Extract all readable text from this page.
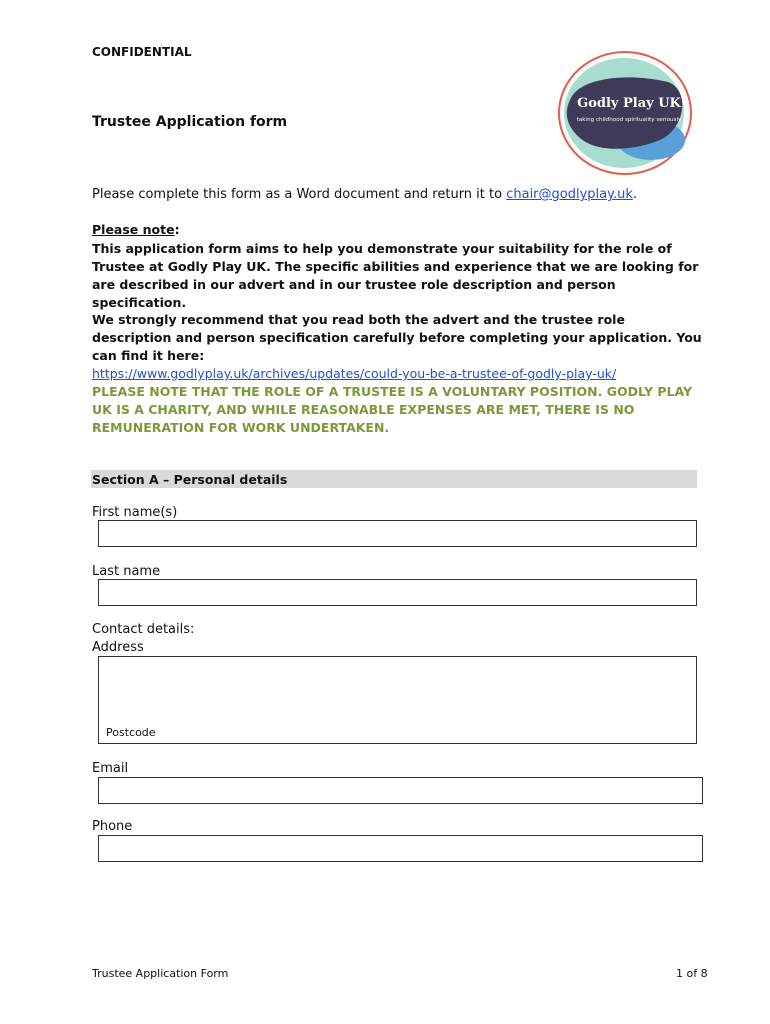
CONFIDENTIAL
Trustee Application form
Godly Play UK
taking childhood spirituality seriously
Please complete this form as a Word document and return it to chair@godlyplay.uk.
Please note:
This application form aims to help you demonstrate your suitability for the role of Trustee at Godly Play UK. The specific abilities and experience that we are looking for are described in our advert and in our trustee role description and person specification.
We strongly recommend that you read both the advert and the trustee role description and person specification carefully before completing your application. You can find it here:
https://www.godlyplay.uk/archives/updates/could-you-be-a-trustee-of-godly-play-uk/
PLEASE NOTE THAT THE ROLE OF A TRUSTEE IS A VOLUNTARY POSITION. GODLY PLAY UK IS A CHARITY, AND WHILE REASONABLE EXPENSES ARE MET, THERE IS NO REMUNERATION FOR WORK UNDERTAKEN.
Section A – Personal details
First name(s)
Last name
Contact details:
Address
Postcode
Email
Phone
Trustee Application Form	1 of 8
